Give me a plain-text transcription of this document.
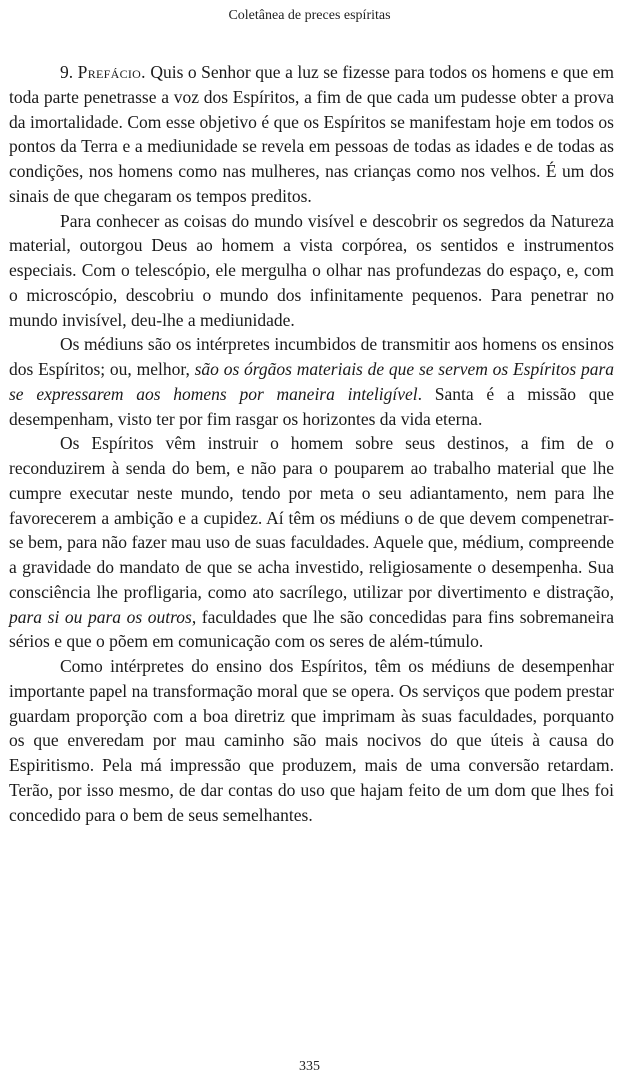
Coletânea de preces espíritas

9. Prefácio. Quis o Senhor que a luz se fizesse para todos os homens e que em toda parte penetrasse a voz dos Espíritos, a fim de que cada um pudesse obter a prova da imortalidade. Com esse objetivo é que os Espíritos se manifestam hoje em todos os pontos da Terra e a mediunidade se revela em pessoas de todas as idades e de todas as condições, nos homens como nas mulheres, nas crianças como nos velhos. É um dos sinais de que chegaram os tempos preditos.

Para conhecer as coisas do mundo visível e descobrir os segredos da Natureza material, outorgou Deus ao homem a vista corpórea, os sentidos e instrumentos especiais. Com o telescópio, ele mergulha o olhar nas profundezas do espaço, e, com o microscópio, descobriu o mundo dos infinitamente pequenos. Para penetrar no mundo invisível, deu-lhe a mediunidade.

Os médiuns são os intérpretes incumbidos de transmitir aos homens os ensinos dos Espíritos; ou, melhor, são os órgãos materiais de que se servem os Espíritos para se expressarem aos homens por maneira inteligível. Santa é a missão que desempenham, visto ter por fim rasgar os horizontes da vida eterna.

Os Espíritos vêm instruir o homem sobre seus destinos, a fim de o reconduzirem à senda do bem, e não para o pouparem ao trabalho material que lhe cumpre executar neste mundo, tendo por meta o seu adiantamento, nem para lhe favorecerem a ambição e a cupidez. Aí têm os médiuns o de que devem compenetrar-se bem, para não fazer mau uso de suas faculdades. Aquele que, médium, compreende a gravidade do mandato de que se acha investido, religiosamente o desempenha. Sua consciência lhe profligaria, como ato sacrílego, utilizar por divertimento e distração, para si ou para os outros, faculdades que lhe são concedidas para fins sobremaneira sérios e que o põem em comunicação com os seres de além-túmulo.

Como intérpretes do ensino dos Espíritos, têm os médiuns de desempenhar importante papel na transformação moral que se opera. Os serviços que podem prestar guardam proporção com a boa diretriz que imprimam às suas faculdades, porquanto os que enveredam por mau caminho são mais nocivos do que úteis à causa do Espiritismo. Pela má impressão que produzem, mais de uma conversão retardam. Terão, por isso mesmo, de dar contas do uso que hajam feito de um dom que lhes foi concedido para o bem de seus semelhantes.

335
